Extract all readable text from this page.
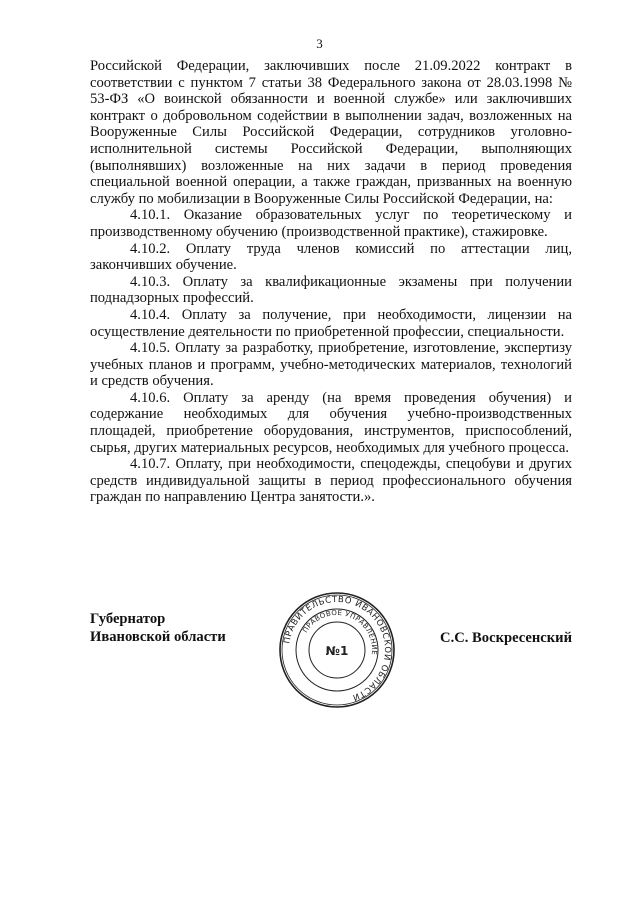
3

Российской Федерации, заключивших после 21.09.2022 контракт в соответствии с пунктом 7 статьи 38 Федерального закона от 28.03.1998 № 53-ФЗ «О воинской обязанности и военной службе» или заключивших контракт о добровольном содействии в выполнении задач, возложенных на Вооруженные Силы Российской Федерации, сотрудников уголовно-исполнительной системы Российской Федерации, выполняющих (выполнявших) возложенные на них задачи в период проведения специальной военной операции, а также граждан, призванных на военную службу по мобилизации в Вооруженные Силы Российской Федерации, на:

4.10.1. Оказание образовательных услуг по теоретическому и производственному обучению (производственной практике), стажировке.

4.10.2. Оплату труда членов комиссий по аттестации лиц, закончивших обучение.

4.10.3. Оплату за квалификационные экзамены при получении поднадзорных профессий.

4.10.4. Оплату за получение, при необходимости, лицензии на осуществление деятельности по приобретенной профессии, специальности.

4.10.5. Оплату за разработку, приобретение, изготовление, экспертизу учебных планов и программ, учебно-методических материалов, технологий и средств обучения.

4.10.6. Оплату за аренду (на время проведения обучения) и содержание необходимых для обучения учебно-производственных площадей, приобретение оборудования, инструментов, приспособлений, сырья, других материальных ресурсов, необходимых для учебного процесса.

4.10.7. Оплату, при необходимости, спецодежды, спецобуви и других средств индивидуальной защиты в период профессионального обучения граждан по направлению Центра занятости.».

Губернатор
Ивановской области	ПРАВИТЕЛЬСТВО ИВАНОВСКОЙ ОБЛАСТИ
ПРАВОВОЕ УПРАВЛЕНИЕ
№1
С.С. Воскресенский
